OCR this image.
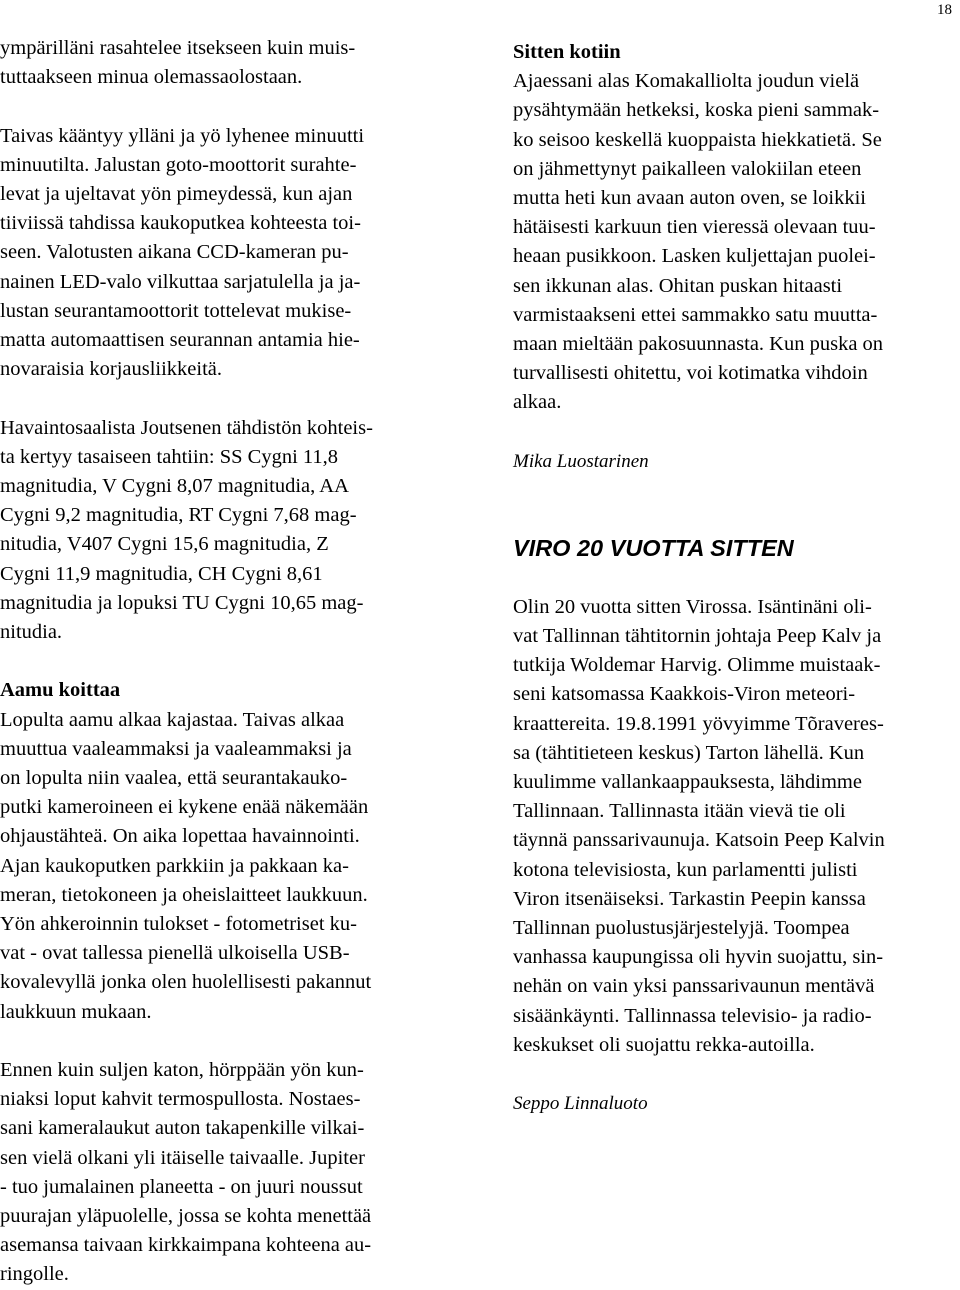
18
ympärilläni rasahtelee itsekseen kuin muis-
tuttaakseen minua olemassaolostaan.
Taivas kääntyy ylläni ja yö lyhenee minuutti
minuutilta. Jalustan goto-moottorit surahte-
levat ja ujeltavat yön pimeydessä, kun ajan
tiiviissä tahdissa kaukoputkea kohteesta toi-
seen. Valotusten aikana CCD-kameran pu-
nainen LED-valo vilkuttaa sarjatulella ja ja-
lustan seurantamoottorit tottelevat mukise-
matta automaattisen seurannan antamia hie-
novaraisia korjausliikkeitä.
Havaintosaalista Joutsenen tähdistön kohteis-
ta kertyy tasaiseen tahtiin: SS Cygni 11,8
magnitudia, V Cygni 8,07 magnitudia, AA
Cygni 9,2 magnitudia, RT Cygni 7,68 mag-
nitudia, V407 Cygni 15,6 magnitudia, Z
Cygni 11,9 magnitudia, CH Cygni 8,61
magnitudia ja lopuksi TU Cygni 10,65 mag-
nitudia.
Aamu koittaa
Lopulta aamu alkaa kajastaa. Taivas alkaa
muuttua vaaleammaksi ja vaaleammaksi ja
on lopulta niin vaalea, että seurantakauko-
putki kameroineen ei kykene enää näkemään
ohjaustähteä. On aika lopettaa havainnointi.
Ajan kaukoputken parkkiin ja pakkaan ka-
meran, tietokoneen ja oheislaitteet laukkuun.
Yön ahkeroinnin tulokset - fotometriset ku-
vat - ovat tallessa pienellä ulkoisella USB-
kovalevyllä jonka olen huolellisesti pakannut
laukkuun mukaan.
Ennen kuin suljen katon, hörppään yön kun-
niaksi loput kahvit termospullosta. Nostaes-
sani kameralaukut auton takapenkille vilkai-
sen vielä olkani yli itäiselle taivaalle. Jupiter
- tuo jumalainen planeetta - on juuri noussut
puurajan yläpuolelle, jossa se kohta menettää
asemansa taivaan kirkkaimpana kohteena au-
ringolle.
Sitten kotiin
Ajaessani alas Komakalliolta joudun vielä
pysähtymään hetkeksi, koska pieni sammak-
ko seisoo keskellä kuoppaista hiekkatietä. Se
on jähmettynyt paikalleen valokiilan eteen
mutta heti kun avaan auton oven, se loikkii
hätäisesti karkuun tien vieressä olevaan tuu-
heaan pusikkoon. Lasken kuljettajan puolei-
sen ikkunan alas. Ohitan puskan hitaasti
varmistaakseni ettei sammakko satu muutta-
maan mieltään pakosuunnasta. Kun puska on
turvallisesti ohitettu, voi kotimatka vihdoin
alkaa.
Mika Luostarinen
VIRO 20 VUOTTA SITTEN
Olin 20 vuotta sitten Virossa. Isäntinäni oli-
vat Tallinnan tähtitornin johtaja Peep Kalv ja
tutkija Woldemar Harvig. Olimme muistaak-
seni katsomassa Kaakkois-Viron meteori-
kraattereita. 19.8.1991 yövyimme Tõraveres-
sa (tähtitieteen keskus) Tarton lähellä. Kun
kuulimme vallankaappauksesta, lähdimme
Tallinnaan. Tallinnasta itään vievä tie oli
täynnä panssarivaunuja. Katsoin Peep Kalvin
kotona televisiosta, kun parlamentti julisti
Viron itsenäiseksi. Tarkastin Peepin kanssa
Tallinnan puolustusjärjestelyjä. Toompea
vanhassa kaupungissa oli hyvin suojattu, sin-
nehän on vain yksi panssarivaunun mentävä
sisäänkäynti. Tallinnassa televisio- ja radio-
keskukset oli suojattu rekka-autoilla.
Seppo Linnaluoto
